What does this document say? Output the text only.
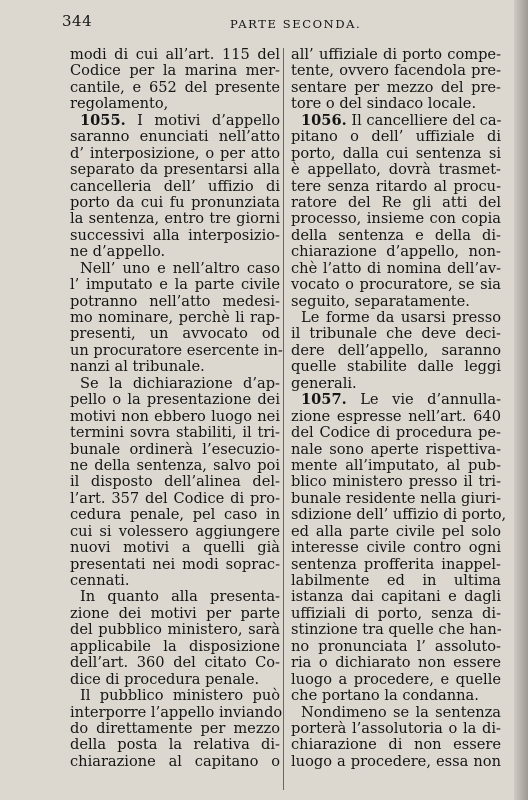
344	PARTE SECONDA.
modi di cui all’art. 115 del
Codice per la marina mer-
cantile, e 652 del presente
regolamento,
1055. I motivi d’appello
saranno enunciati nell’atto
d’ interposizione, o per atto
separato da presentarsi alla
cancelleria dell’ uffizio di
porto da cui fu pronunziata
la sentenza, entro tre giorni
successivi alla interposizio-
ne d’appello.
Nell’ uno e nell’altro caso
l’ imputato e la parte civile
potranno nell’atto medesi-
mo nominare, perchè li rap-
presenti, un avvocato od
un procuratore esercente in-
nanzi al tribunale.
Se la dichiarazione d’ap-
pello o la presentazione dei
motivi non ebbero luogo nei
termini sovra stabiliti, il tri-
bunale ordinerà l’esecuzio-
ne della sentenza, salvo poi
il disposto dell’alinea del-
l’art. 357 del Codice di pro-
cedura penale, pel caso in
cui si volessero aggiungere
nuovi motivi a quelli già
presentati nei modi soprac-
cennati.
In quanto alla presenta-
zione dei motivi per parte
del pubblico ministero, sarà
applicabile la disposizione
dell’art. 360 del citato Co-
dice di procedura penale.
Il pubblico ministero può
interporre l’appello inviando
do direttamente per mezzo
della posta la relativa di-
chiarazione al capitano o
all’ uffiziale di porto compe-
tente, ovvero facendola pre-
sentare per mezzo del pre-
tore o del sindaco locale.
1056. Il cancelliere del ca-
pitano o dell’ uffiziale di
porto, dalla cui sentenza si
è appellato, dovrà trasmet-
tere senza ritardo al procu-
ratore del Re gli atti del
processo, insieme con copia
della sentenza e della di-
chiarazione d’appello, non-
chè l’atto di nomina dell’av-
vocato o procuratore, se sia
seguito, separatamente.
Le forme da usarsi presso
il tribunale che deve deci-
dere dell’appello, saranno
quelle stabilite dalle leggi
generali.
1057. Le vie d’annulla-
zione espresse nell’art. 640
del Codice di procedura pe-
nale sono aperte rispettiva-
mente all’imputato, al pub-
blico ministero presso il tri-
bunale residente nella giuri-
sdizione dell’ uffizio di porto,
ed alla parte civile pel solo
interesse civile contro ogni
sentenza profferita inappel-
labilmente ed in ultima
istanza dai capitani e dagli
uffiziali di porto, senza di-
stinzione tra quelle che han-
no pronunciata l’ assoluto-
ria o dichiarato non essere
luogo a procedere, e quelle
che portano la condanna.
Nondimeno se la sentenza
porterà l’assolutoria o la di-
chiarazione di non essere
luogo a procedere, essa non
